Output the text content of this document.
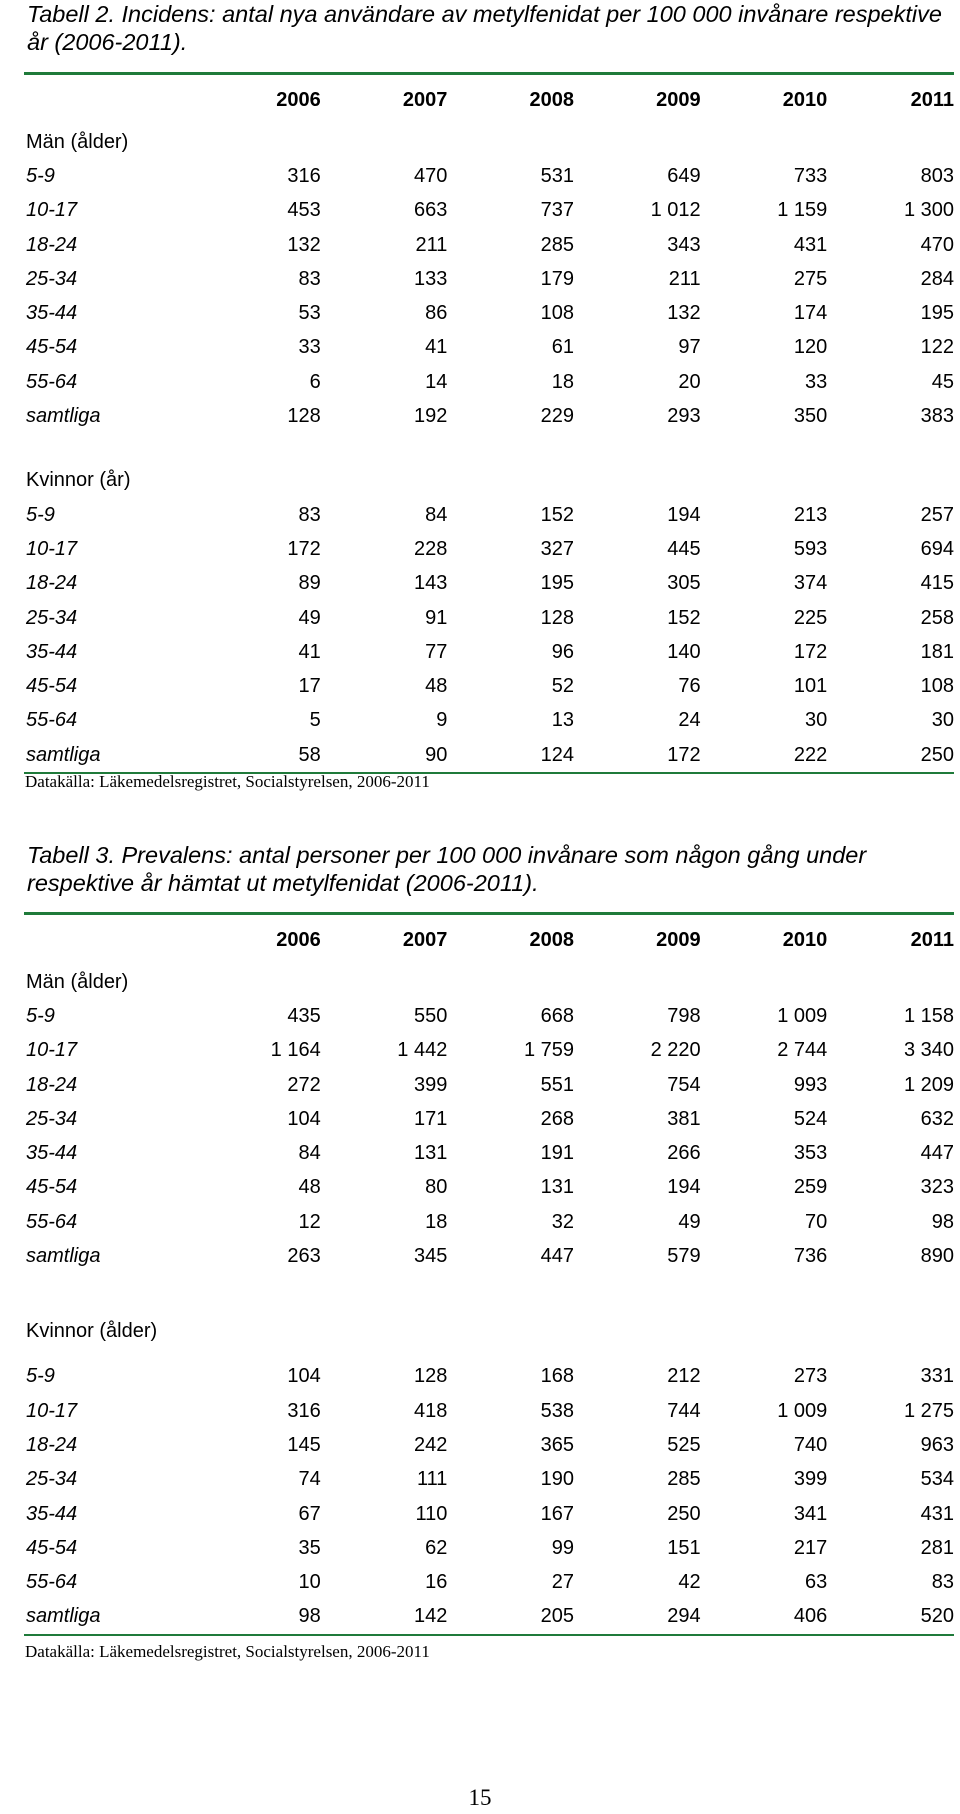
Tabell 2. Incidens: antal nya användare av metylfenidat per 100 000 invånare respektive år (2006-2011).
	2006	2007	2008	2009	2010	2011
Män (ålder)						
5-9	316	470	531	649	733	803
10-17	453	663	737	1 012	1 159	1 300
18-24	132	211	285	343	431	470
25-34	83	133	179	211	275	284
35-44	53	86	108	132	174	195
45-54	33	41	61	97	120	122
55-64	6	14	18	20	33	45
samtliga	128	192	229	293	350	383

Kvinnor (år)						
5-9	83	84	152	194	213	257
10-17	172	228	327	445	593	694
18-24	89	143	195	305	374	415
25-34	49	91	128	152	225	258
35-44	41	77	96	140	172	181
45-54	17	48	52	76	101	108
55-64	5	9	13	24	30	30
samtliga	58	90	124	172	222	250
Datakälla: Läkemedelsregistret, Socialstyrelsen, 2006-2011
Tabell 3. Prevalens: antal personer per 100 000 invånare som någon gång under respektive år hämtat ut metylfenidat (2006-2011).
	2006	2007	2008	2009	2010	2011
Män (ålder)						
5-9	435	550	668	798	1 009	1 158
10-17	1 164	1 442	1 759	2 220	2 744	3 340
18-24	272	399	551	754	993	1 209
25-34	104	171	268	381	524	632
35-44	84	131	191	266	353	447
45-54	48	80	131	194	259	323
55-64	12	18	32	49	70	98
samtliga	263	345	447	579	736	890

Kvinnor (ålder)						
5-9	104	128	168	212	273	331
10-17	316	418	538	744	1 009	1 275
18-24	145	242	365	525	740	963
25-34	74	111	190	285	399	534
35-44	67	110	167	250	341	431
45-54	35	62	99	151	217	281
55-64	10	16	27	42	63	83
samtliga	98	142	205	294	406	520
Datakälla: Läkemedelsregistret, Socialstyrelsen, 2006-2011
15
